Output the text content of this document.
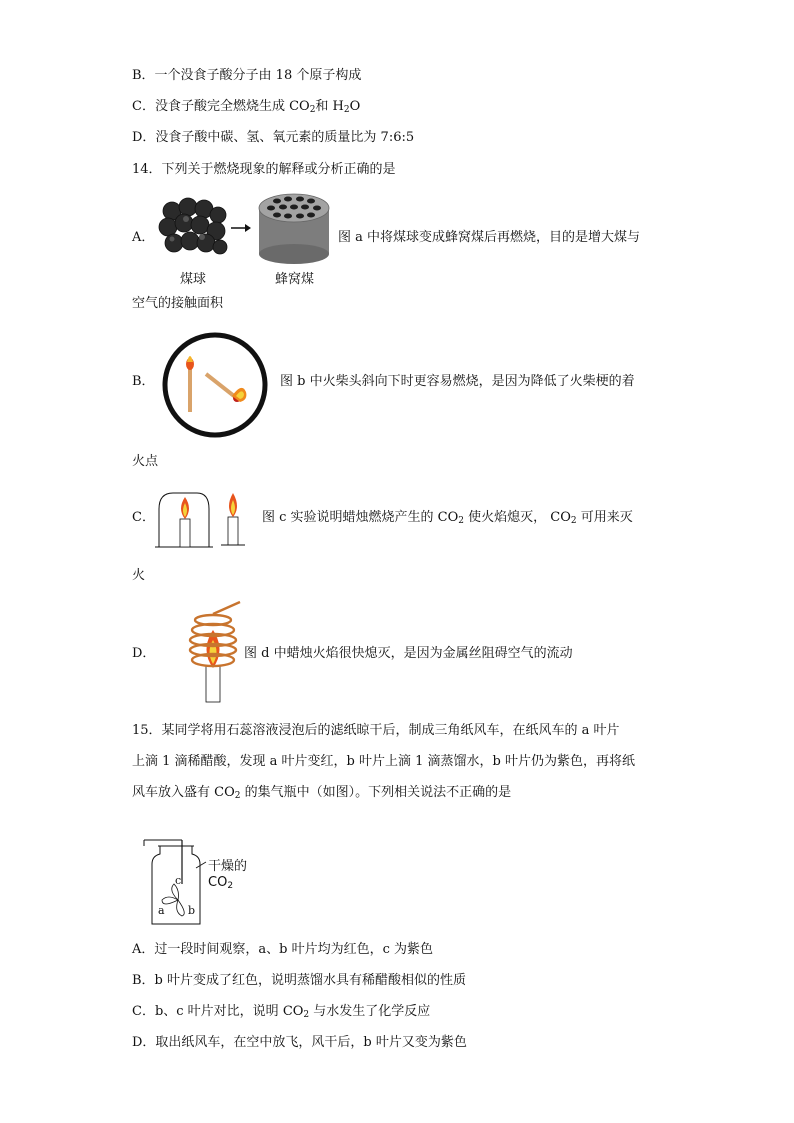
B．一个没食子酸分子由 18 个原子构成
C．没食子酸完全燃烧生成 $CO_2$和 $H_2O$
D．没食子酸中碳、氢、氧元素的质量比为 7:6:5
14．下列关于燃烧现象的解释或分析正确的是
A．
煤球	蜂窝煤
图 a 中将煤球变成蜂窝煤后再燃烧，目的是增大煤与
空气的接触面积
B．	图 b 中火柴头斜向下时更容易燃烧，是因为降低了火柴梗的着
火点
C．	图 c 实验说明蜡烛燃烧产生的 $CO_2$ 使火焰熄灭， $CO_2$ 可用来灭
火
D．	图 d 中蜡烛火焰很快熄灭，是因为金属丝阻碍空气的流动
15．某同学将用石蕊溶液浸泡后的滤纸晾干后，制成三角纸风车，在纸风车的 a 叶片
上滴 1 滴稀醋酸，发现 a 叶片变红，b 叶片上滴 1 滴蒸馏水，b 叶片仍为紫色，再将纸
风车放入盛有 $CO_2$ 的集气瓶中（如图）。下列相关说法不正确的是
干燥的
$CO_2$
c
a b
A．过一段时间观察，a、b 叶片均为红色，c 为紫色
B．b 叶片变成了红色，说明蒸馏水具有稀醋酸相似的性质
C．b、c 叶片对比，说明 $CO_2$ 与水发生了化学反应
D．取出纸风车，在空中放飞，风干后，b 叶片又变为紫色
